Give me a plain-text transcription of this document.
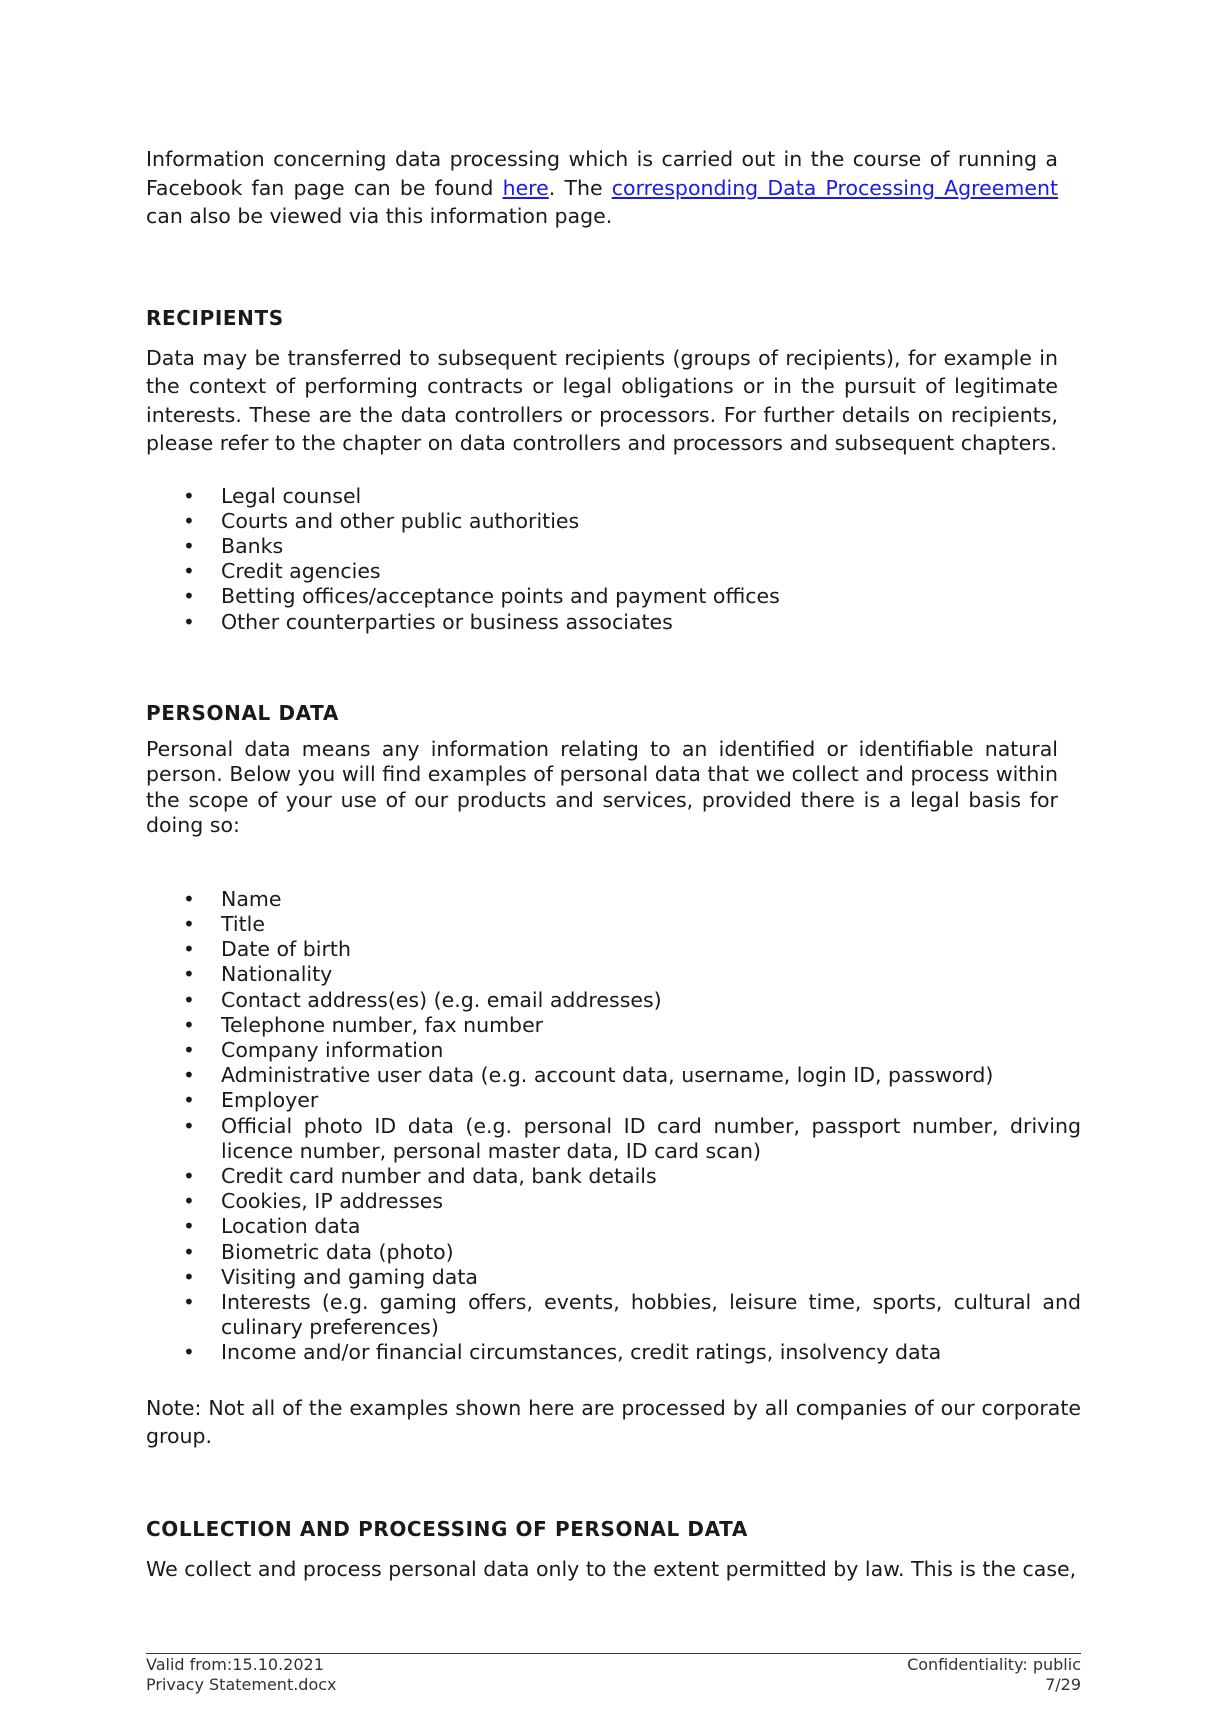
Information concerning data processing which is carried out in the course of running a Facebook fan page can be found here. The corresponding Data Processing Agreement can also be viewed via this information page.

RECIPIENTS

Data may be transferred to subsequent recipients (groups of recipients), for example in the context of performing contracts or legal obligations or in the pursuit of legitimate interests. These are the data controllers or processors. For further details on recipients, please refer to the chapter on data controllers and processors and subsequent chapters.

• Legal counsel
• Courts and other public authorities
• Banks
• Credit agencies
• Betting offices/acceptance points and payment offices
• Other counterparties or business associates
PERSONAL DATA

Personal data means any information relating to an identified or identifiable natural person. Below you will find examples of personal data that we collect and process within the scope of your use of our products and services, provided there is a legal basis for doing so:

• Name
• Title
• Date of birth
• Nationality
• Contact address(es) (e.g. email addresses)
• Telephone number, fax number
• Company information
• Administrative user data (e.g. account data, username, login ID, password)
• Employer
• Official photo ID data (e.g. personal ID card number, passport number, driving licence number, personal master data, ID card scan)
• Credit card number and data, bank details
• Cookies, IP addresses
• Location data
• Biometric data (photo)
• Visiting and gaming data
• Interests (e.g. gaming offers, events, hobbies, leisure time, sports, cultural and culinary preferences)
• Income and/or financial circumstances, credit ratings, insolvency data

Note: Not all of the examples shown here are processed by all companies of our corporate group.

COLLECTION AND PROCESSING OF PERSONAL DATA

We collect and process personal data only to the extent permitted by law. This is the case,

Valid from:15.10.2021
Privacy Statement.docx
Confidentiality: public
7/29
